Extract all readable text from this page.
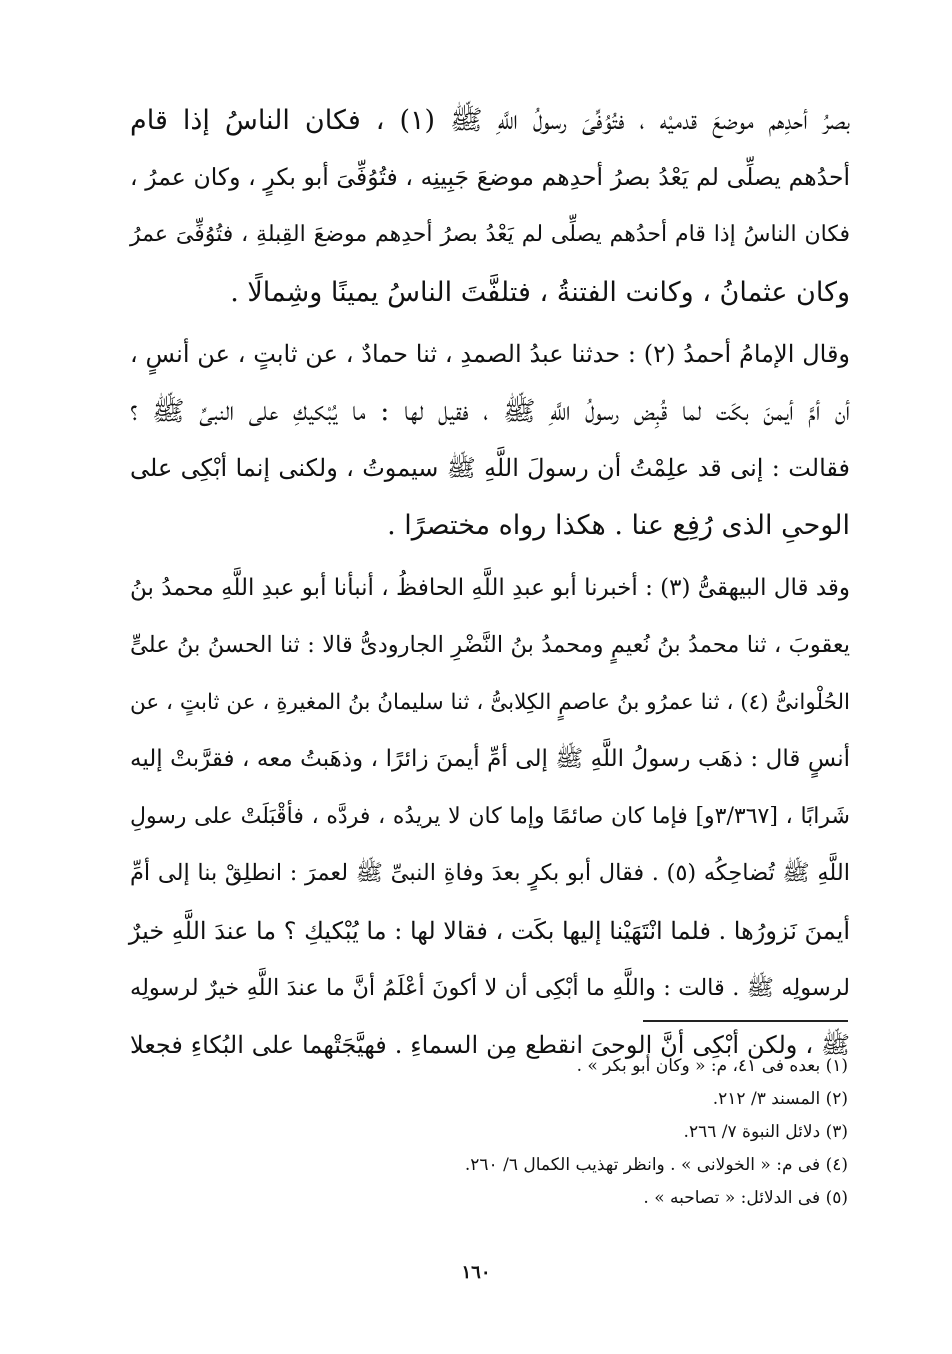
بصرُ أحدِهم موضعَ قدميْه ، فتُوُفِّىَ رسولُ اللَّهِ ﷺ (١) ، فكان الناسُ إذا قام
أحدُهم يصلِّى لم يَعْدُ بصرُ أحدِهم موضعَ جَبِينِه ، فتُوُفِّىَ أبو بكرٍ ، وكان عمرُ ،
فكان الناسُ إذا قام أحدُهم يصلِّى لم يَعْدُ بصرُ أحدِهم موضعَ القِبلةِ ، فتُوُفِّىَ عمرُ
وكان عثمانُ ، وكانت الفتنةُ ، فتلفَّتَ الناسُ يمينًا وشِمالًا .
وقال الإمامُ أحمدُ (٢) : حدثنا عبدُ الصمدِ ، ثنا حمادٌ ، عن ثابتٍ ، عن أنسٍ ،
أن أمَّ أيمنَ بكَت لما قُبِض رسولُ اللَّهِ ﷺ ، فقيل لها : ما يُبْكيكِ على النبىِّ ﷺ ؟
فقالت : إنى قد علِمْتُ أن رسولَ اللَّهِ ﷺ سيموتُ ، ولكنى إنما أبْكِى على
الوحىِ الذى رُفِع عنا . هكذا رواه مختصرًا .
وقد قال البيهقىُّ (٣) : أخبرنا أبو عبدِ اللَّهِ الحافظُ ، أنبأنا أبو عبدِ اللَّهِ محمدُ بنُ
يعقوبَ ، ثنا محمدُ بنُ نُعيمٍ ومحمدُ بنُ النَّضْرِ الجارودىُّ قالا : ثنا الحسنُ بنُ علىٍّ
الحُلْوانىُّ (٤) ، ثنا عمرُو بنُ عاصمٍ الكِلابىُّ ، ثنا سليمانُ بنُ المغيرةِ ، عن ثابتٍ ، عن
أنسٍ قال : ذهَب رسولُ اللَّهِ ﷺ إلى أمِّ أيمنَ زائرًا ، وذهَبتُ معه ، فقرَّبتْ إليه
شَرابًا ، [٣/٣٦٧و] فإما كان صائمًا وإما كان لا يريدُه ، فردَّه ، فأقْبَلَتْ على رسولِ
اللَّهِ ﷺ تُضاحِكُه (٥) . فقال أبو بكرٍ بعدَ وفاةِ النبىِّ ﷺ لعمرَ : انطلِقْ بنا إلى أمِّ
أيمنَ نَزورُها . فلما انْتَهَيْنا إليها بكَت ، فقالا لها : ما يُبْكيكِ ؟ ما عندَ اللَّهِ خيرٌ
لرسولِه ﷺ . قالت : واللَّهِ ما أبْكِى أن لا أكونَ أعْلَمُ أنَّ ما عندَ اللَّهِ خيرٌ لرسولِه
ﷺ ، ولكن أبْكِى أنَّ الوحىَ انقطع مِن السماءِ . فهيَّجَتْهما على البُكاءِ فجعلا
(١) بعده فى ٤١، م: « وكان أبو بكر » .
(٢) المسند ٣/ ٢١٢.
(٣) دلائل النبوة ٧/ ٢٦٦.
(٤) فى م: « الخولانى » . وانظر تهذيب الكمال ٦/ ٢٦٠.
(٥) فى الدلائل: « تصاحبه » .
١٦٠
